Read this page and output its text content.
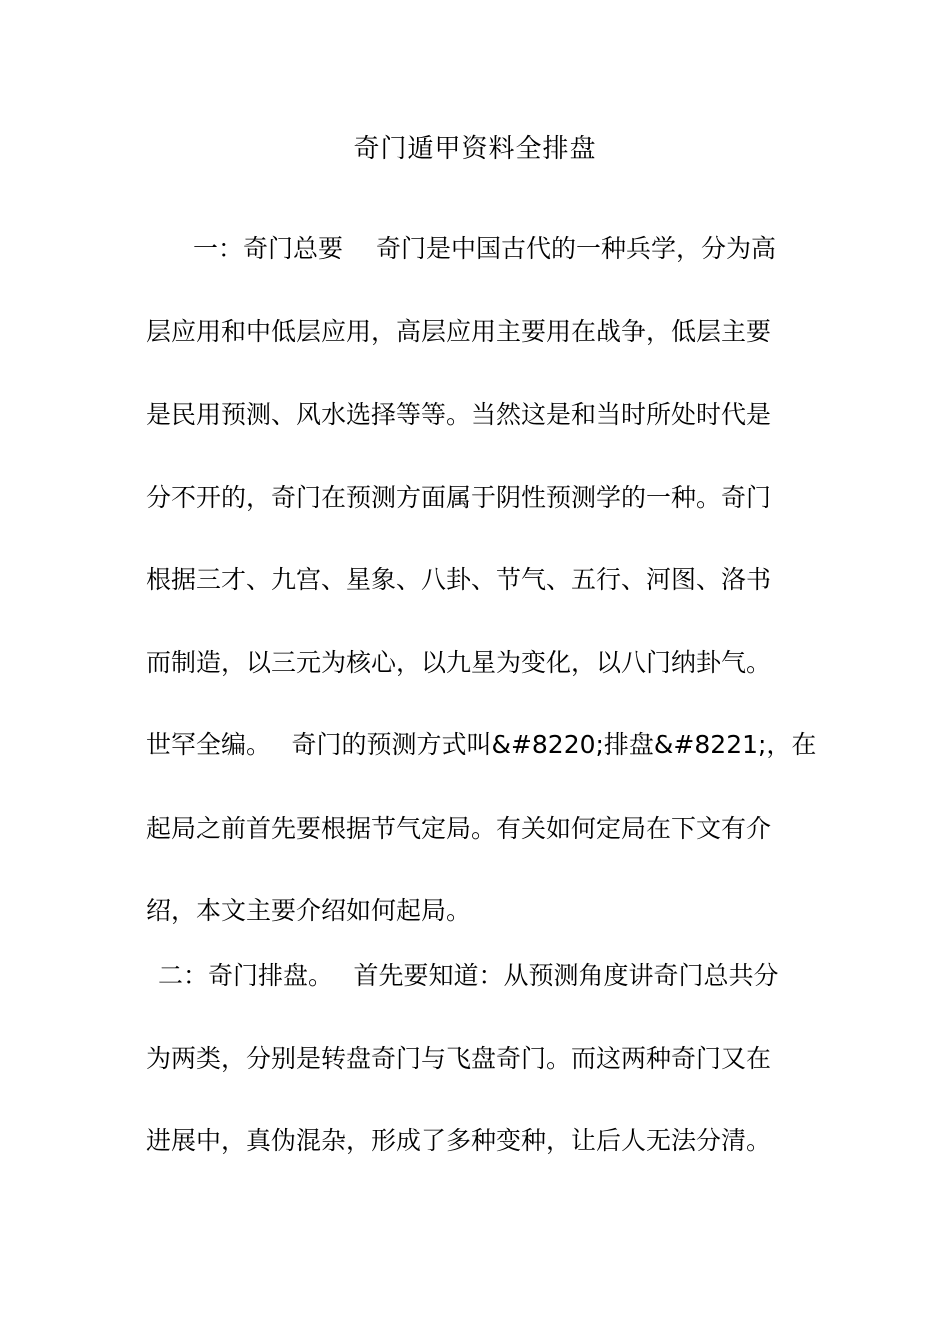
奇门遁甲资料全排盘
一：奇门总要　 奇门是中国古代的一种兵学，分为高
层应用和中低层应用，高层应用主要用在战争，低层主要
是民用预测、风水选择等等。当然这是和当时所处时代是
分不开的，奇门在预测方面属于阴性预测学的一种。奇门
根据三才、九宫、星象、八卦、节气、五行、河图、洛书
而制造，以三元为核心，以九星为变化，以八门纳卦气。
世罕全编。　 奇门的预测方式叫&#8220;排盘&#8221;，在
起局之前首先要根据节气定局。有关如何定局在下文有介
绍，本文主要介绍如何起局。
二：奇门排盘。　 首先要知道：从预测角度讲奇门总共分
为两类，分别是转盘奇门与飞盘奇门。而这两种奇门又在
进展中，真伪混杂，形成了多种变种，让后人无法分清。
